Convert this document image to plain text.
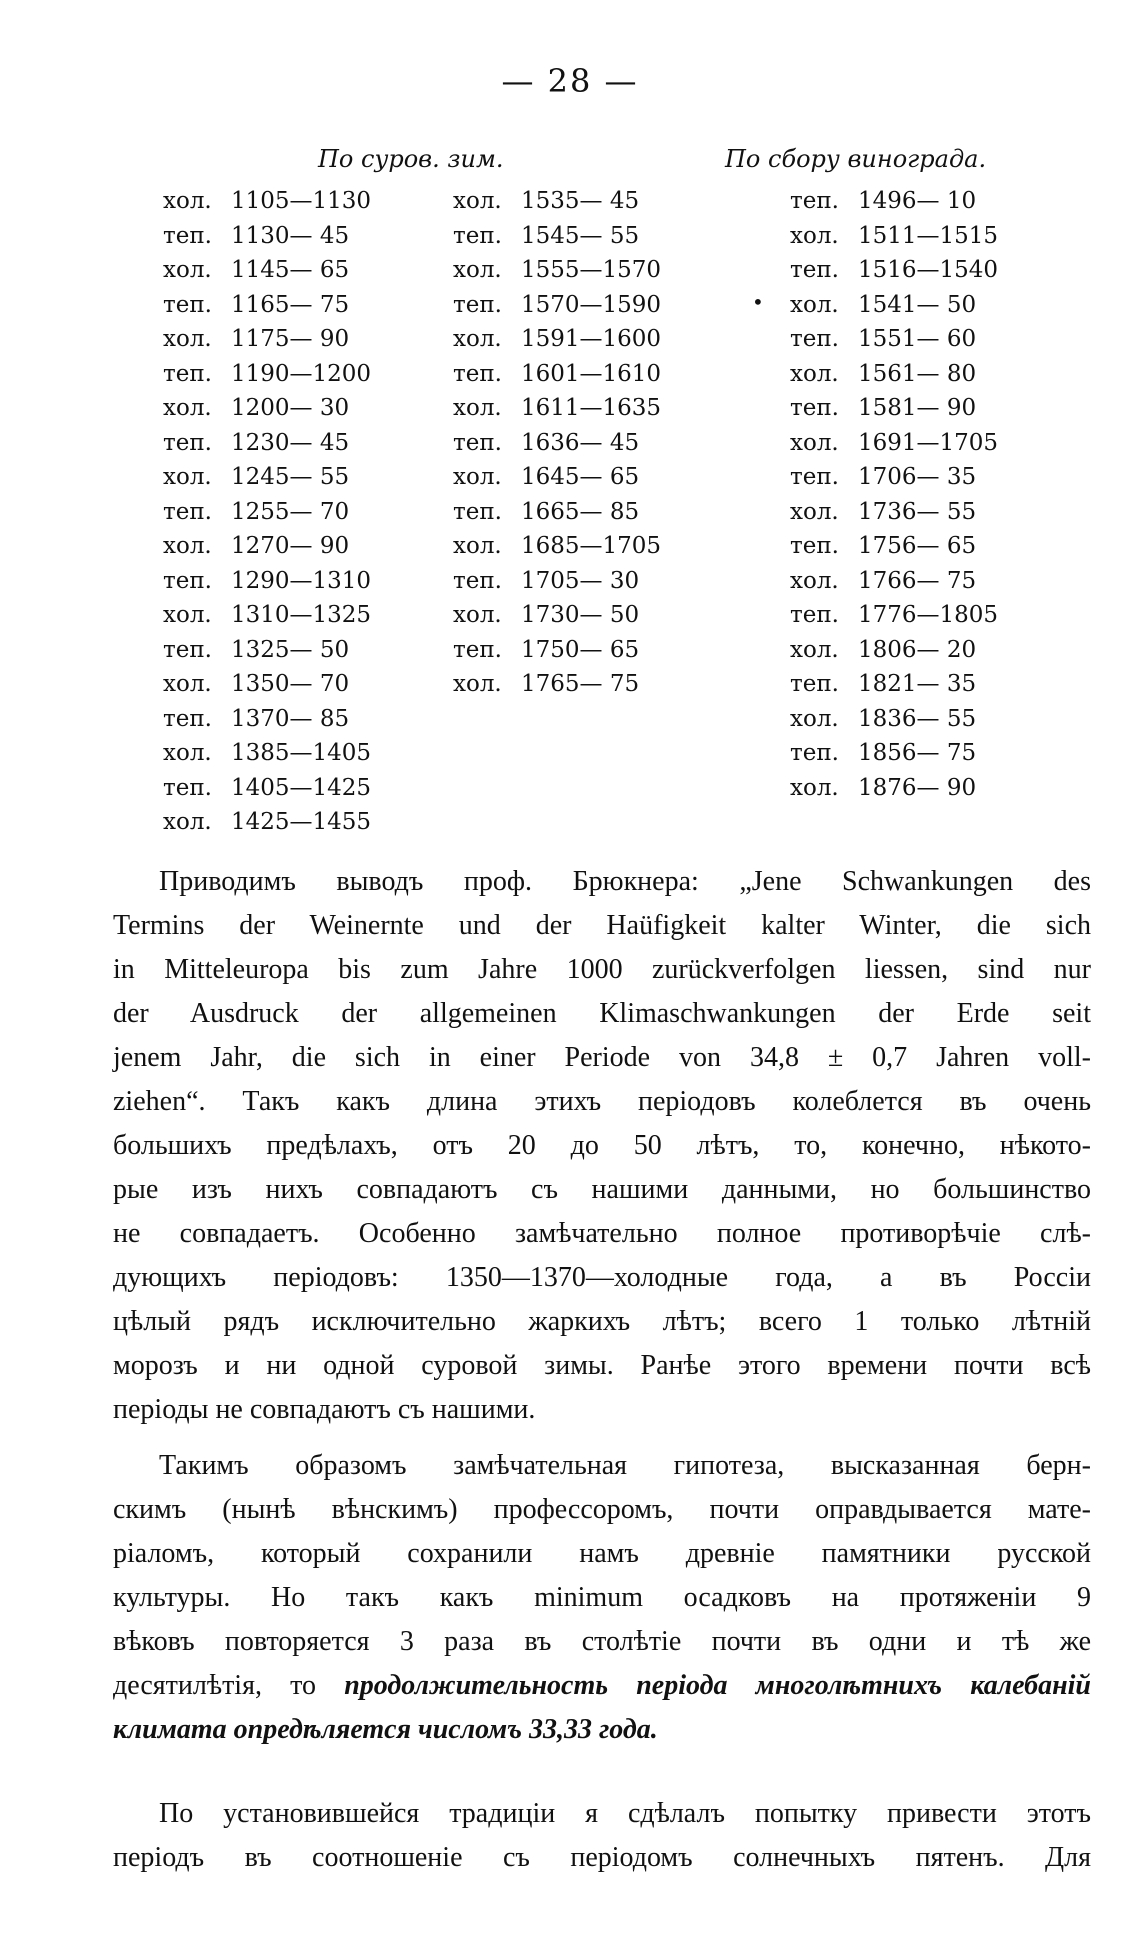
— 28 —
По суров. зим.	По сбору винограда.
хол. 1105—1130
теп. 1130— 45
хол. 1145— 65
теп. 1165— 75
хол. 1175— 90
теп. 1190—1200
хол. 1200— 30
теп. 1230— 45
хол. 1245— 55
теп. 1255— 70
хол. 1270— 90
теп. 1290—1310
хол. 1310—1325
теп. 1325— 50
хол. 1350— 70
теп. 1370— 85
хол. 1385—1405
теп. 1405—1425
хол. 1425—1455
хол. 1535— 45
теп. 1545— 55
хол. 1555—1570
теп. 1570—1590
хол. 1591—1600
теп. 1601—1610
хол. 1611—1635
теп. 1636— 45
хол. 1645— 65
теп. 1665— 85
хол. 1685—1705
теп. 1705— 30
хол. 1730— 50
теп. 1750— 65
хол. 1765— 75
теп. 1496— 10
хол. 1511—1515
теп. 1516—1540
хол. 1541— 50
теп. 1551— 60
хол. 1561— 80
теп. 1581— 90
хол. 1691—1705
теп. 1706— 35
хол. 1736— 55
теп. 1756— 65
хол. 1766— 75
теп. 1776—1805
хол. 1806— 20
теп. 1821— 35
хол. 1836— 55
теп. 1856— 75
хол. 1876— 90
•

Приводимъ выводъ проф. Брюкнера: „Jene Schwankungen des
Termins der Weinernte und der Haüfigkeit kalter Winter, die sich
in Mitteleuropa bis zum Jahre 1000 zurückverfolgen liessen, sind nur
der Ausdruck der allgemeinen Klimaschwankungen der Erde seit
jenem Jahr, die sich in einer Periode von 34,8 ± 0,7 Jahren voll-
ziehen“. Такъ какъ длина этихъ періодовъ колеблется въ очень
большихъ предѣлахъ, отъ 20 до 50 лѣтъ, то, конечно, нѣкото-
рые изъ нихъ совпадаютъ съ нашими данными, но большинство
не совпадаетъ. Особенно замѣчательно полное противорѣчіе слѣ-
дующихъ періодовъ: 1350—1370—холодные года, а въ Россіи
цѣлый рядъ исключительно жаркихъ лѣтъ; всего 1 только лѣтній
морозъ и ни одной суровой зимы. Ранѣе этого времени почти всѣ
періоды не совпадаютъ съ нашими.

Такимъ образомъ замѣчательная гипотеза, высказанная берн-
скимъ (нынѣ вѣнскимъ) профессоромъ, почти оправдывается мате-
ріаломъ, который сохранили намъ древніе памятники русской
культуры. Но такъ какъ minimum осадковъ на протяженіи 9
вѣковъ повторяется 3 раза въ столѣтіе почти въ одни и тѣ же
десятилѣтія, то продолжительность періода многолѣтнихъ калебаній
климата опредѣляется числомъ 33,33 года.

По установившейся традиціи я сдѣлалъ попытку привести этотъ
періодъ въ соотношеніе съ періодомъ солнечныхъ пятенъ. Для
